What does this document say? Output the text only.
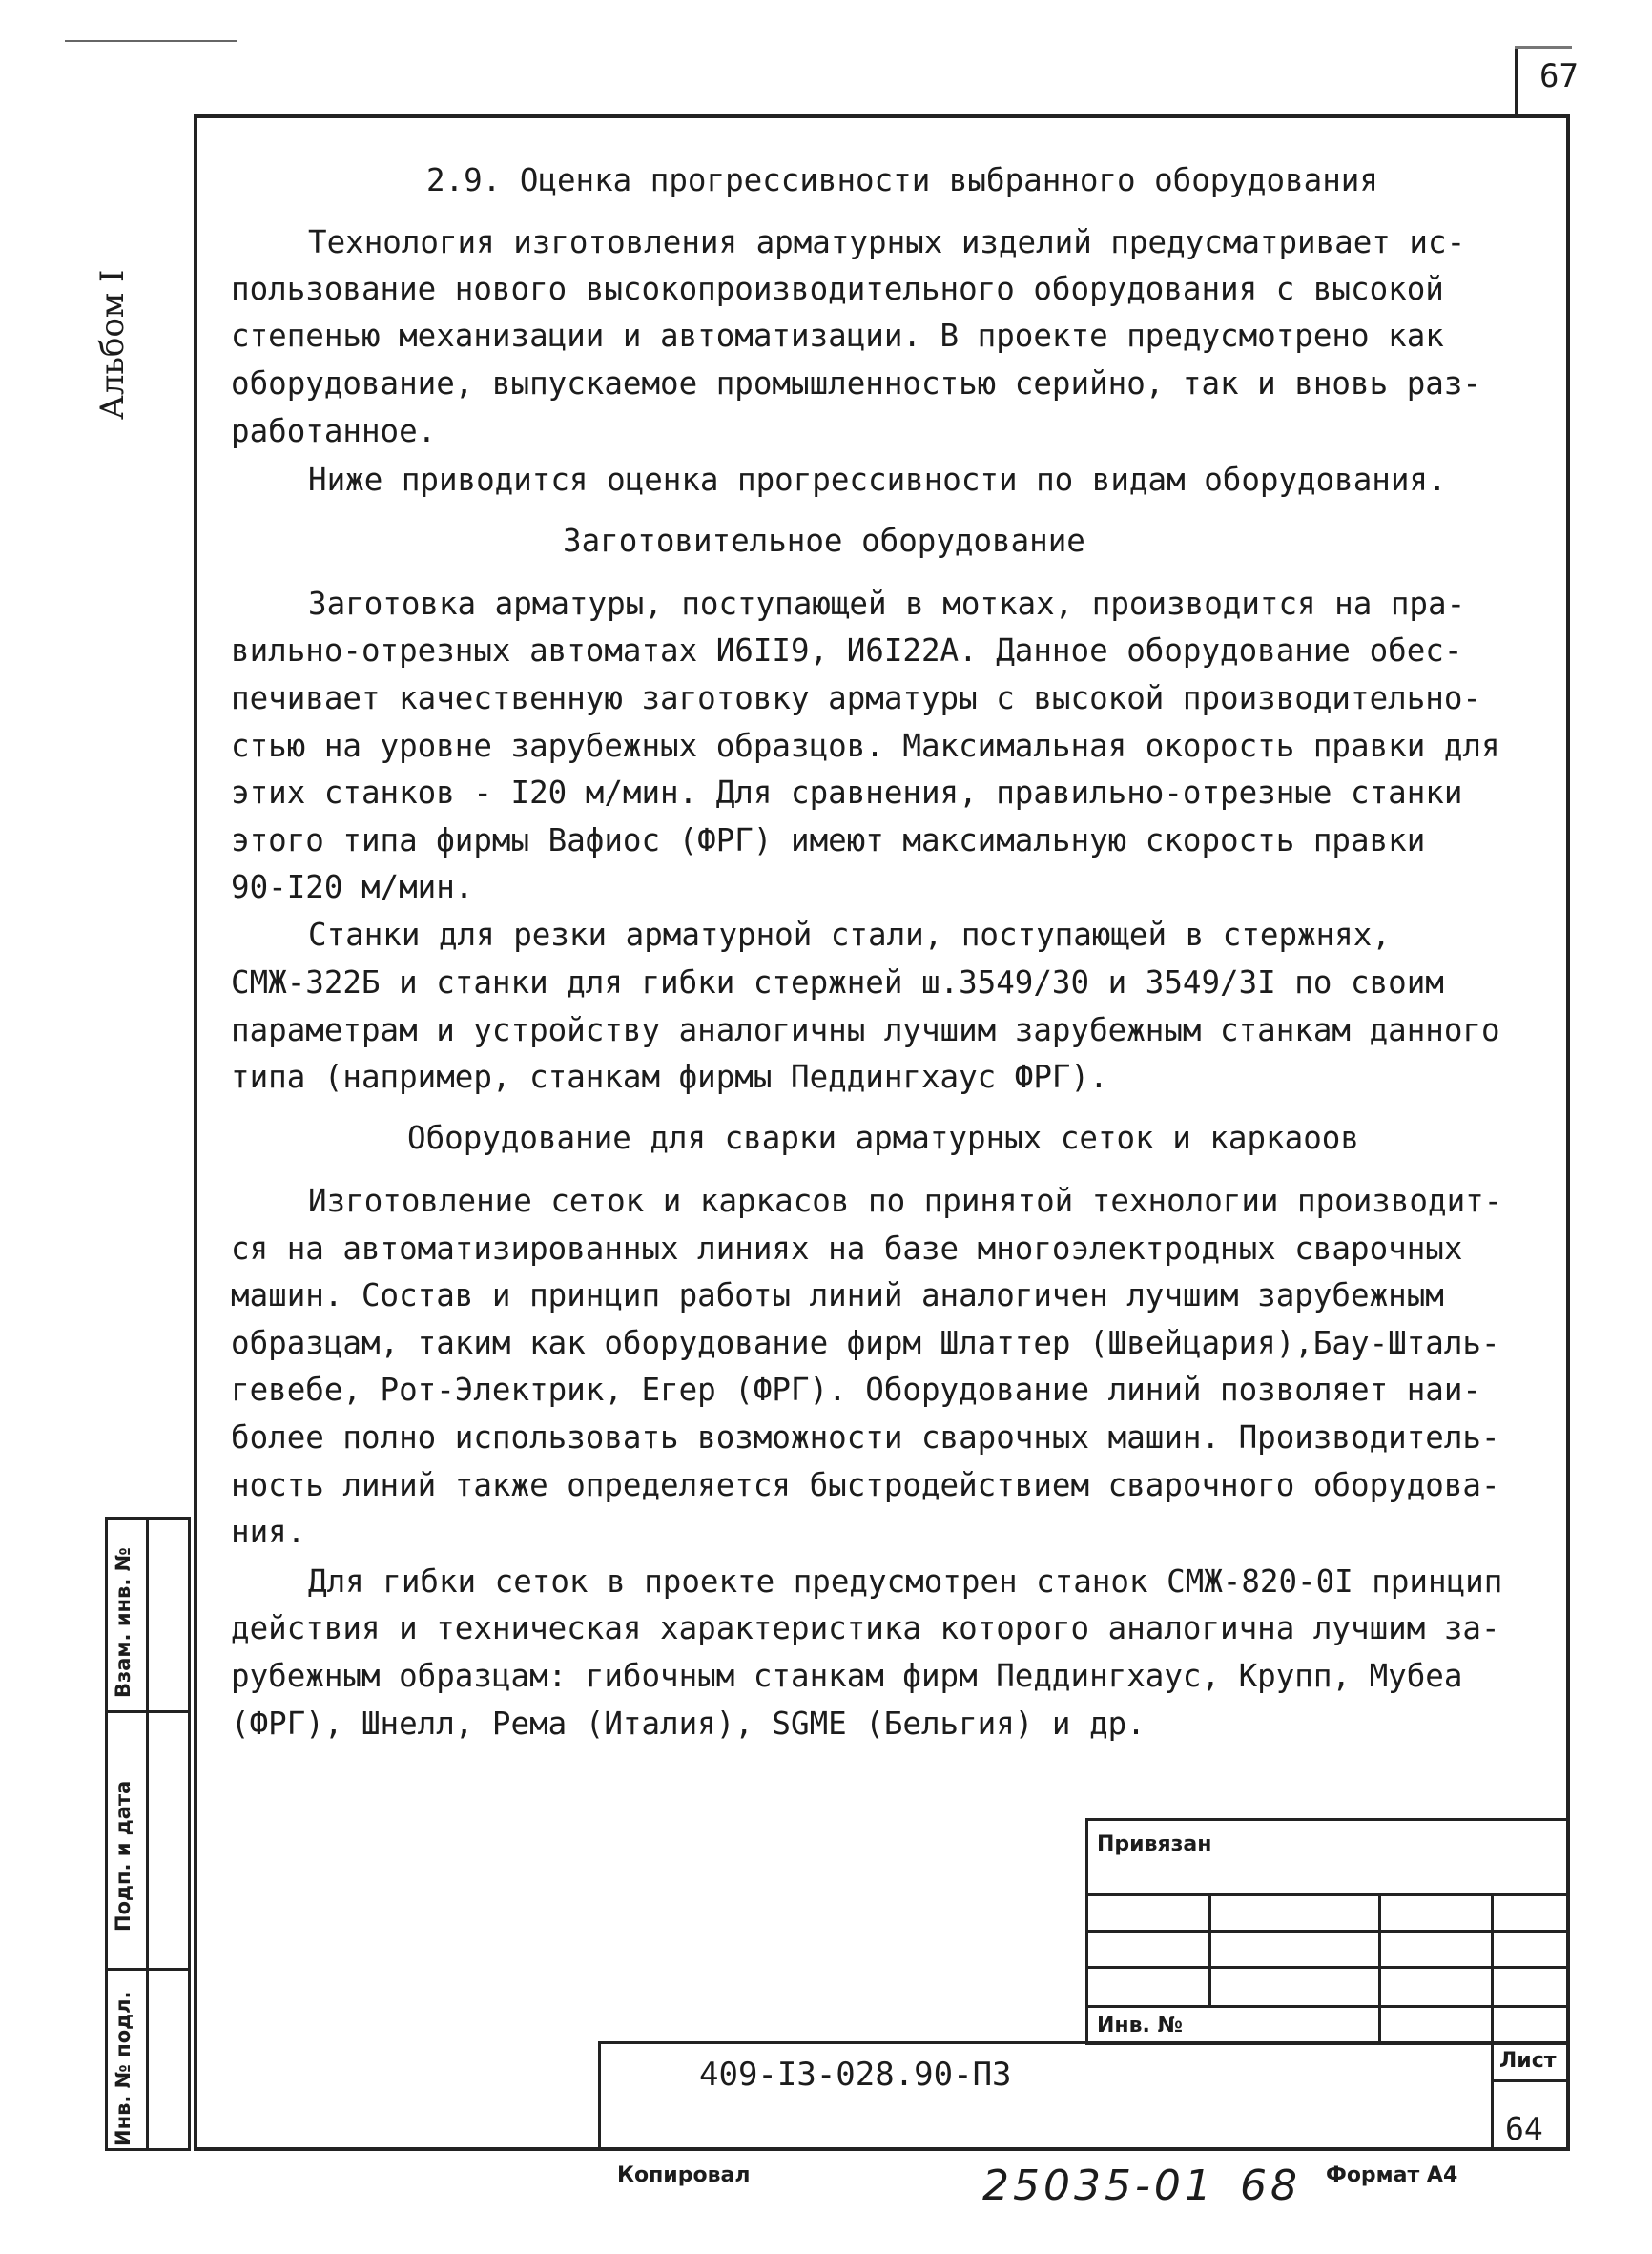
67
Альбом I
2.9. Оценка прогрессивности выбранного оборудования
Технология изготовления арматурных изделий предусматривает ис-
пользование нового высокопроизводительного оборудования с высокой
степенью механизации и автоматизации. В проекте предусмотрено как
оборудование, выпускаемое промышленностью серийно, так и вновь раз-
работанное.
Ниже приводится оценка прогрессивности по видам оборудования.
Заготовительное оборудование
Заготовка арматуры, поступающей в мотках, производится на пра-
вильно-отрезных автоматах И6II9, И6I22А. Данное оборудование обес-
печивает качественную заготовку арматуры с высокой производительно-
стью на уровне зарубежных образцов. Максимальная окорость правки для
этих станков - I20 м/мин. Для сравнения, правильно-отрезные станки
этого типа фирмы Вафиос (ФРГ) имеют максимальную скорость правки
90-I20 м/мин.
Станки для резки арматурной стали, поступающей в стержнях,
СМЖ-322Б и станки для гибки стержней ш.3549/30 и 3549/3I по своим
параметрам и устройству аналогичны лучшим зарубежным станкам данного
типа (например, станкам фирмы Педдингхаус ФРГ).
Оборудование для сварки арматурных сеток и каркаоов
Изготовление сеток и каркасов по принятой технологии производит-
ся на автоматизированных линиях на базе многоэлектродных сварочных
машин. Состав и принцип работы линий аналогичен лучшим зарубежным
образцам, таким как оборудование фирм Шлаттер (Швейцария),Бау-Шталь-
гевебе, Рот-Электрик, Егер (ФРГ). Оборудование линий позволяет наи-
более полно использовать возможности сварочных машин. Производитель-
ность линий также определяется быстродействием сварочного оборудова-
ния.
Для гибки сеток в проекте предусмотрен станок СМЖ-820-0I принцип
действия и техническая характеристика которого аналогична лучшим за-
рубежным образцам: гибочным станкам фирм Педдингхаус, Крупп, Мубеа
(ФРГ), Шнелл, Рема (Италия), SGME (Бельгия) и др.
Взам. инв. №
Подп. и дата
Инв. № подл.
Привязан
Инв. №
409-I3-028.90-ПЗ	Лист
64
Копировал	25035-01 68 Формат А4
